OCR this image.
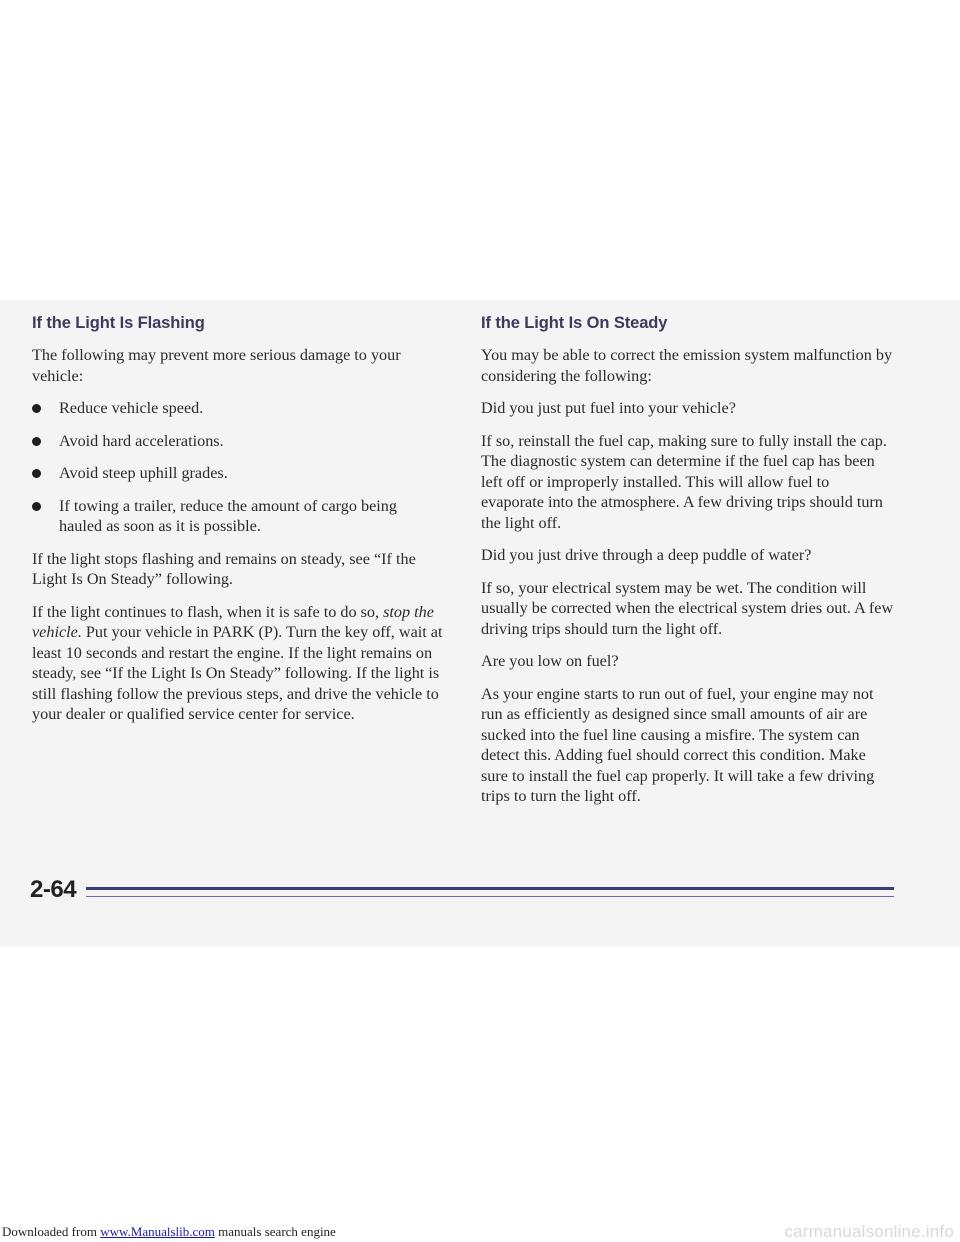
If the Light Is Flashing

The following may prevent more serious damage to your vehicle:

Reduce vehicle speed.
Avoid hard accelerations.
Avoid steep uphill grades.
If towing a trailer, reduce the amount of cargo being hauled as soon as it is possible.

If the light stops flashing and remains on steady, see “If the Light Is On Steady” following.

If the light continues to flash, when it is safe to do so, stop the vehicle. Put your vehicle in PARK (P). Turn the key off, wait at least 10 seconds and restart the engine. If the light remains on steady, see “If the Light Is On Steady” following. If the light is still flashing follow the previous steps, and drive the vehicle to your dealer or qualified service center for service.

If the Light Is On Steady

You may be able to correct the emission system malfunction by considering the following:

Did you just put fuel into your vehicle?

If so, reinstall the fuel cap, making sure to fully install the cap. The diagnostic system can determine if the fuel cap has been left off or improperly installed. This will allow fuel to evaporate into the atmosphere. A few driving trips should turn the light off.

Did you just drive through a deep puddle of water?

If so, your electrical system may be wet. The condition will usually be corrected when the electrical system dries out. A few driving trips should turn the light off.

Are you low on fuel?

As your engine starts to run out of fuel, your engine may not run as efficiently as designed since small amounts of air are sucked into the fuel line causing a misfire. The system can detect this. Adding fuel should correct this condition. Make sure to install the fuel cap properly. It will take a few driving trips to turn the light off.

2-64
Downloaded from www.Manualslib.com manuals search engine	carmanualsonline.info
